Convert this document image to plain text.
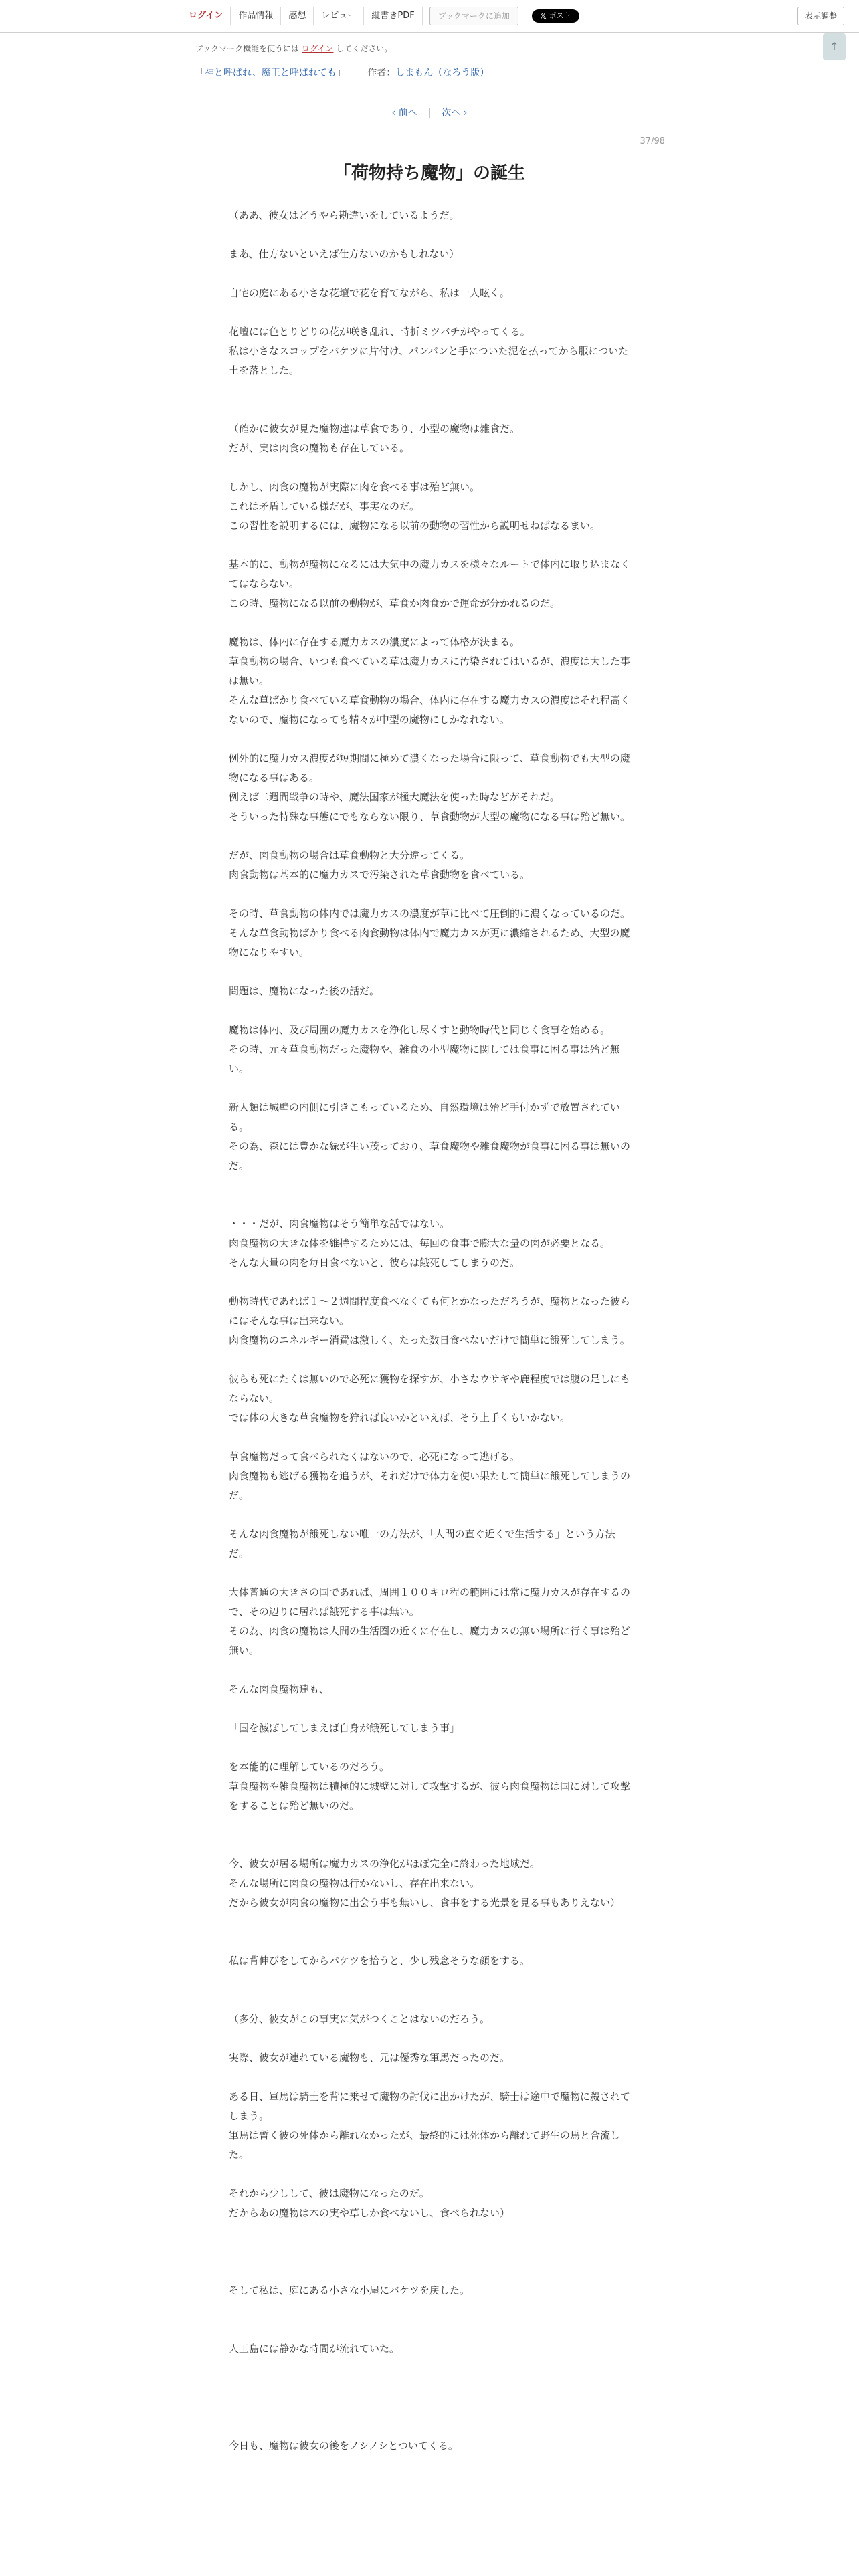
ログイン	作品情報	感想	レビュー	縦書きPDF	ブックマークに追加	𝕏 ポスト	表示調整
↑
ブックマーク機能を使うには ログイン してください。
「神と呼ばれ、魔王と呼ばれても」 作者：しまもん（なろう版）
‹ 前へ | 次へ ›
37/98
「荷物持ち魔物」の誕生

（ああ、彼女はどうやら勘違いをしているようだ。

まあ、仕方ないといえば仕方ないのかもしれない）

自宅の庭にある小さな花壇で花を育てながら、私は一人呟く。

花壇には色とりどりの花が咲き乱れ、時折ミツバチがやってくる。

私は小さなスコップをバケツに片付け、パンパンと手についた泥を払ってから服についた土を落とした。

（確かに彼女が見た魔物達は草食であり、小型の魔物は雑食だ。

だが、実は肉食の魔物も存在している。

しかし、肉食の魔物が実際に肉を食べる事は殆ど無い。

これは矛盾している様だが、事実なのだ。

この習性を説明するには、魔物になる以前の動物の習性から説明せねばなるまい。

基本的に、動物が魔物になるには大気中の魔力カスを様々なルートで体内に取り込まなくてはならない。

この時、魔物になる以前の動物が、草食か肉食かで運命が分かれるのだ。

魔物は、体内に存在する魔力カスの濃度によって体格が決まる。

草食動物の場合、いつも食べている草は魔力カスに汚染されてはいるが、濃度は大した事は無い。

そんな草ばかり食べている草食動物の場合、体内に存在する魔力カスの濃度はそれ程高くないので、魔物になっても精々が中型の魔物にしかなれない。

例外的に魔力カス濃度が短期間に極めて濃くなった場合に限って、草食動物でも大型の魔物になる事はある。

例えば二週間戦争の時や、魔法国家が極大魔法を使った時などがそれだ。

そういった特殊な事態にでもならない限り、草食動物が大型の魔物になる事は殆ど無い。

だが、肉食動物の場合は草食動物と大分違ってくる。

肉食動物は基本的に魔力カスで汚染された草食動物を食べている。

その時、草食動物の体内では魔力カスの濃度が草に比べて圧倒的に濃くなっているのだ。

そんな草食動物ばかり食べる肉食動物は体内で魔力カスが更に濃縮されるため、大型の魔物になりやすい。

問題は、魔物になった後の話だ。

魔物は体内、及び周囲の魔力カスを浄化し尽くすと動物時代と同じく食事を始める。

その時、元々草食動物だった魔物や、雑食の小型魔物に関しては食事に困る事は殆ど無い。

新人類は城壁の内側に引きこもっているため、自然環境は殆ど手付かずで放置されている。

その為、森には豊かな緑が生い茂っており、草食魔物や雑食魔物が食事に困る事は無いのだ。

・・・だが、肉食魔物はそう簡単な話ではない。

肉食魔物の大きな体を維持するためには、毎回の食事で膨大な量の肉が必要となる。

そんな大量の肉を毎日食べないと、彼らは餓死してしまうのだ。

動物時代であれば１～２週間程度食べなくても何とかなっただろうが、魔物となった彼らにはそんな事は出来ない。

肉食魔物のエネルギー消費は激しく、たった数日食べないだけで簡単に餓死してしまう。

彼らも死にたくは無いので必死に獲物を探すが、小さなウサギや鹿程度では腹の足しにもならない。

では体の大きな草食魔物を狩れば良いかといえば、そう上手くもいかない。

草食魔物だって食べられたくはないので、必死になって逃げる。

肉食魔物も逃げる獲物を追うが、それだけで体力を使い果たして簡単に餓死してしまうのだ。

そんな肉食魔物が餓死しない唯一の方法が、「人間の直ぐ近くで生活する」という方法だ。

大体普通の大きさの国であれば、周囲１００キロ程の範囲には常に魔力カスが存在するので、その辺りに居れば餓死する事は無い。

その為、肉食の魔物は人間の生活圏の近くに存在し、魔力カスの無い場所に行く事は殆ど無い。

そんな肉食魔物達も、

「国を滅ぼしてしまえば自身が餓死してしまう事」

を本能的に理解しているのだろう。

草食魔物や雑食魔物は積極的に城壁に対して攻撃するが、彼ら肉食魔物は国に対して攻撃をすることは殆ど無いのだ。

今、彼女が居る場所は魔力カスの浄化がほぼ完全に終わった地域だ。

そんな場所に肉食の魔物は行かないし、存在出来ない。

だから彼女が肉食の魔物に出会う事も無いし、食事をする光景を見る事もありえない）

私は背伸びをしてからバケツを拾うと、少し残念そうな顔をする。

（多分、彼女がこの事実に気がつくことはないのだろう。

実際、彼女が連れている魔物も、元は優秀な軍馬だったのだ。

ある日、軍馬は騎士を背に乗せて魔物の討伐に出かけたが、騎士は途中で魔物に殺されてしまう。

軍馬は暫く彼の死体から離れなかったが、最終的には死体から離れて野生の馬と合流した。

それから少しして、彼は魔物になったのだ。

だからあの魔物は木の実や草しか食べないし、食べられない）

そして私は、庭にある小さな小屋にバケツを戻した。

人工島には静かな時間が流れていた。

今日も、魔物は彼女の後をノシノシとついてくる。
